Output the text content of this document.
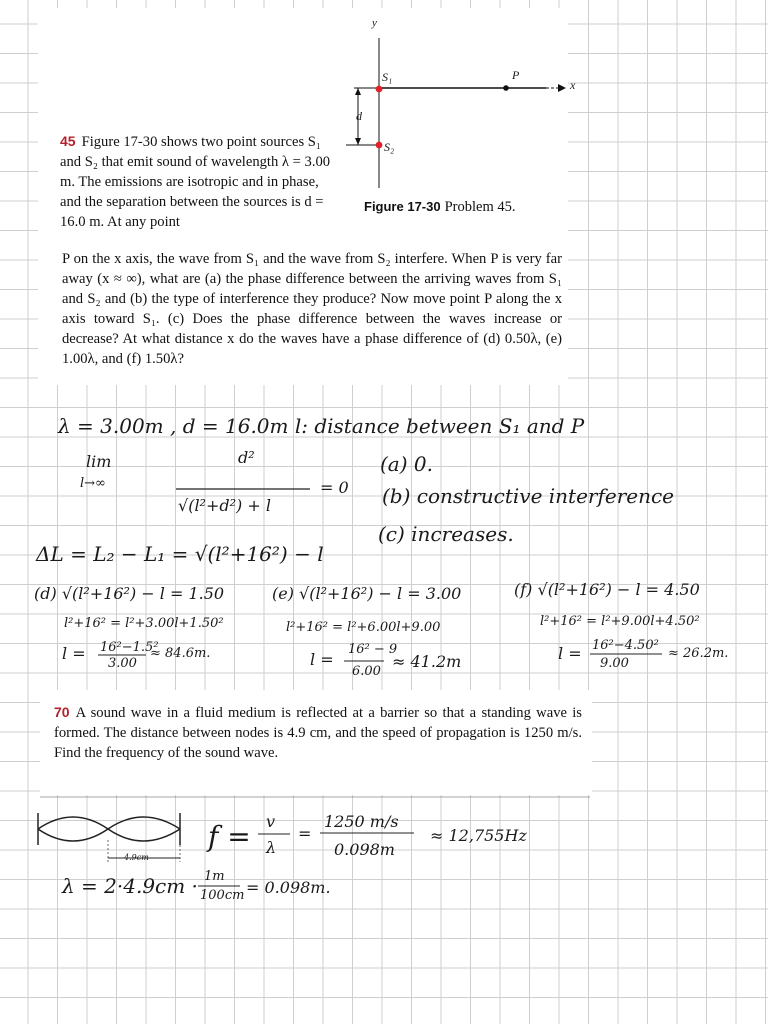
y
S₁
S₂
P
x
d
Figure 17-30 Problem 45.
45 Figure 17-30 shows two point sources S₁ and S₂ that emit sound of wavelength λ = 3.00 m. The emissions are isotropic and in phase, and the separation between the sources is d = 16.0 m. At any point
P on the x axis, the wave from S₁ and the wave from S₂ interfere. When P is very far away (x ≈ ∞), what are (a) the phase difference between the arriving waves from S₁ and S₂ and (b) the type of interference they produce? Now move point P along the x axis toward S₁. (c) Does the phase difference between the waves increase or decrease? At what distance x do the waves have a phase difference of (d) 0.50λ, (e) 1.00λ, and (f) 1.50λ?
λ = 3.00m , d = 16.0m l: distance between S₁ and P
lim
l→∞
d²
√(l²+d²) + l
= 0
(a) 0.
(b) constructive interference
(c) increases.
ΔL = L₂ − L₁ = √(l²+16²) − l
(d) √(l²+16²) − l = 1.50
l²+16² = l²+3.00l+1.50²
l = 16²−1.5²
3.00
≈ 84.6m.
(e) √(l²+16²) − l = 3.00
l²+16² = l²+6.00l+9.00
l =
16² − 9
6.00
≈ 41.2m
(f) √(l²+16²) − l = 4.50
l²+16² = l²+9.00l+4.50²
l = 16²−4.50²
9.00
≈ 26.2m.
70 A sound wave in a fluid medium is reflected at a barrier so that a standing wave is formed. The distance between nodes is 4.9 cm, and the speed of propagation is 1250 m/s. Find the frequency of the sound wave.
4.9cm
f = v
λ
=
1250 m/s
0.098m
≈ 12,755Hz
λ = 2·4.9cm · 1m
100cm = 0.098m.
